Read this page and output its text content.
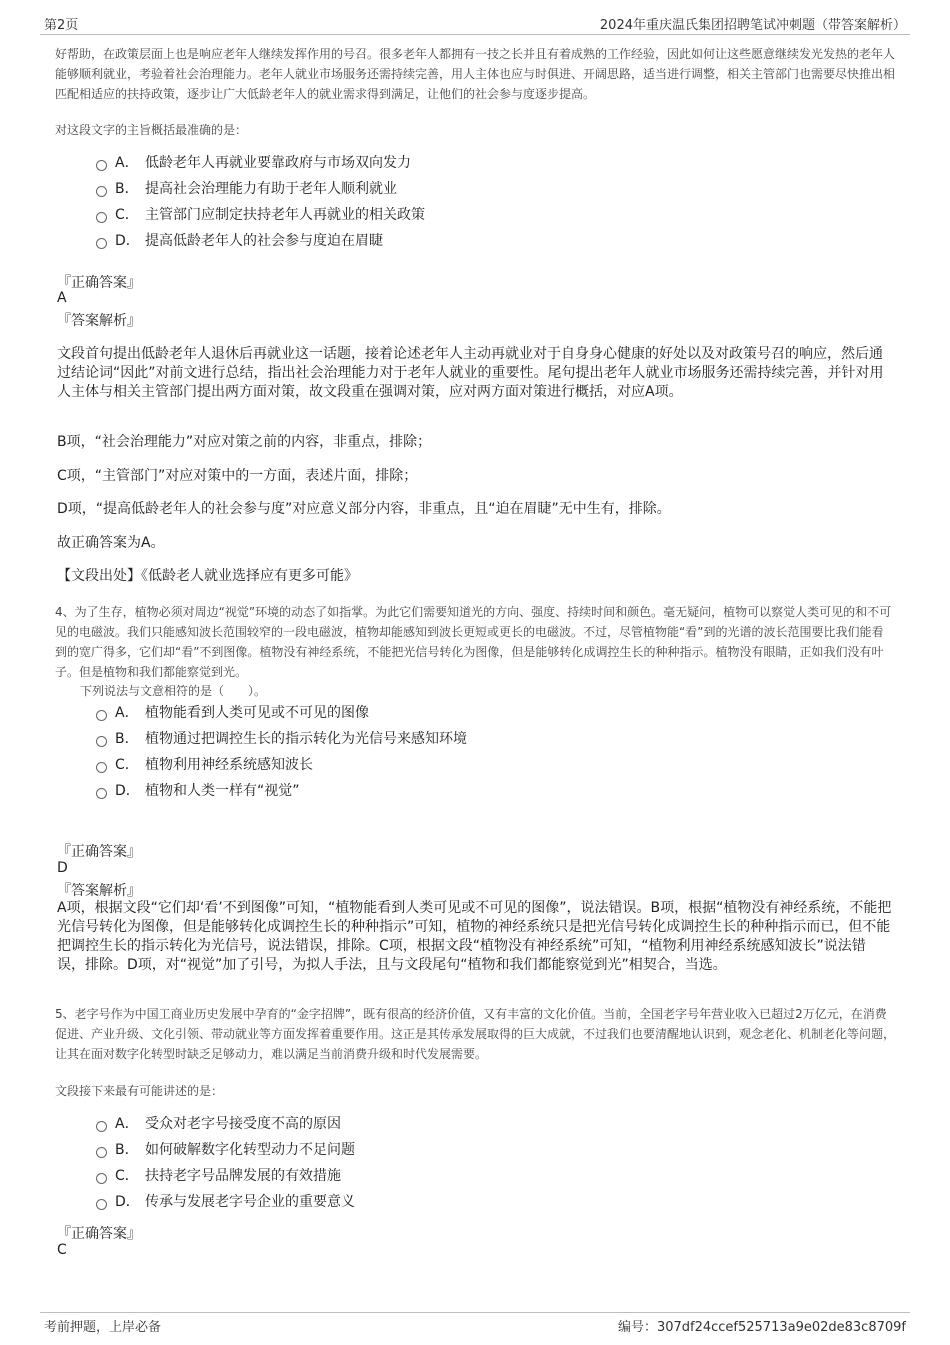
第2页	2024年重庆温氏集团招聘笔试冲刺题（带答案解析）
好帮助，在政策层面上也是响应老年人继续发挥作用的号召。很多老年人都拥有一技之长并且有着成熟的工作经验，因此如何让这些愿意继续发光发热的老年人能够顺利就业，考验着社会治理能力。老年人就业市场服务还需持续完善，用人主体也应与时俱进、开阔思路，适当进行调整，相关主管部门也需要尽快推出相匹配相适应的扶持政策，逐步让广大低龄老年人的就业需求得到满足，让他们的社会参与度逐步提高。
对这段文字的主旨概括最准确的是：
A． 低龄老年人再就业要靠政府与市场双向发力
B． 提高社会治理能力有助于老年人顺利就业
C． 主管部门应制定扶持老年人再就业的相关政策
D． 提高低龄老年人的社会参与度迫在眉睫
『正确答案』
A
『答案解析』
文段首句提出低龄老年人退休后再就业这一话题，接着论述老年人主动再就业对于自身身心健康的好处以及对政策号召的响应，然后通过结论词“因此”对前文进行总结，指出社会治理能力对于老年人就业的重要性。尾句提出老年人就业市场服务还需持续完善，并针对用人主体与相关主管部门提出两方面对策，故文段重在强调对策，应对两方面对策进行概括，对应A项。
B项，“社会治理能力”对应对策之前的内容，非重点，排除；
C项，“主管部门”对应对策中的一方面，表述片面，排除；
D项，“提高低龄老年人的社会参与度”对应意义部分内容，非重点，且“迫在眉睫”无中生有，排除。
故正确答案为A。
【文段出处】《低龄老人就业选择应有更多可能》
4、为了生存，植物必须对周边“视觉”环境的动态了如指掌。为此它们需要知道光的方向、强度、持续时间和颜色。毫无疑问，植物可以察觉人类可见的和不可见的电磁波。我们只能感知波长范围较窄的一段电磁波，植物却能感知到波长更短或更长的电磁波。不过，尽管植物能“看”到的光谱的波长范围要比我们能看到的宽广得多，它们却“看”不到图像。植物没有神经系统，不能把光信号转化为图像，但是能够转化成调控生长的种种指示。植物没有眼睛，正如我们没有叶子。但是植物和我们都能察觉到光。
下列说法与文意相符的是（　　）。
A． 植物能看到人类可见或不可见的图像
B． 植物通过把调控生长的指示转化为光信号来感知环境
C． 植物利用神经系统感知波长
D． 植物和人类一样有“视觉”
『正确答案』
D
『答案解析』
A项，根据文段“它们却‘看’不到图像”可知，“植物能看到人类可见或不可见的图像”，说法错误。B项，根据“植物没有神经系统，不能把光信号转化为图像，但是能够转化成调控生长的种种指示”可知，植物的神经系统只是把光信号转化成调控生长的种种指示而已，但不能把调控生长的指示转化为光信号，说法错误，排除。C项，根据文段“植物没有神经系统”可知，“植物利用神经系统感知波长”说法错误，排除。D项，对“视觉”加了引号，为拟人手法，且与文段尾句“植物和我们都能察觉到光”相契合，当选。
5、老字号作为中国工商业历史发展中孕育的“金字招牌”，既有很高的经济价值，又有丰富的文化价值。当前，全国老字号年营业收入已超过2万亿元，在消费促进、产业升级、文化引领、带动就业等方面发挥着重要作用。这正是其传承发展取得的巨大成就，不过我们也要清醒地认识到，观念老化、机制老化等问题，让其在面对数字化转型时缺乏足够动力，难以满足当前消费升级和时代发展需要。
文段接下来最有可能讲述的是：
A． 受众对老字号接受度不高的原因
B． 如何破解数字化转型动力不足问题
C． 扶持老字号品牌发展的有效措施
D． 传承与发展老字号企业的重要意义
『正确答案』
C
考前押题，上岸必备	编号：307df24ccef525713a9e02de83c8709f
